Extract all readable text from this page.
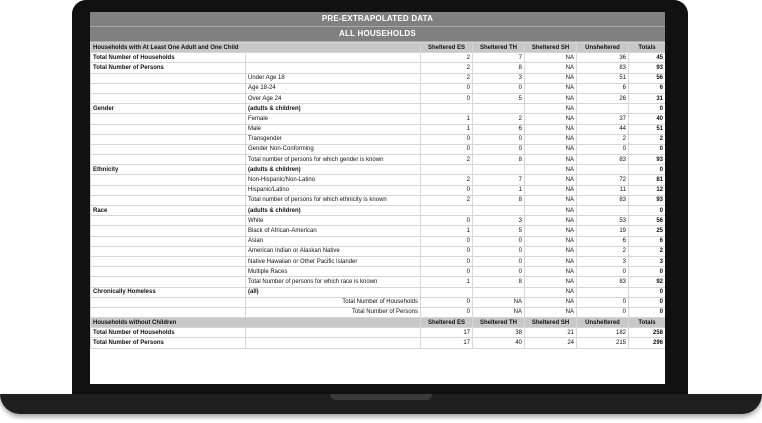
PRE-EXTRAPOLATED DATA
ALL HOUSEHOLDS
Households with At Least One Adult and One Child		Sheltered ES	Sheltered TH	Sheltered SH	Unsheltered	Totals
Total Number of Households		2	7	NA	36	45
Total Number of Persons		2	8	NA	83	93
	Under Age 18	2	3	NA	51	56
	Age 18-24	0	0	NA	6	6
	Over Age 24	0	5	NA	26	31
Gender	(adults & children)			NA		0
	Female	1	2	NA	37	40
	Male	1	6	NA	44	51
	Transgender	0	0	NA	2	2
	Gender Non-Conforming	0	0	NA	0	0
	Total number of persons for which gender is known	2	8	NA	83	93
Ethnicity	(adults & children)			NA		0
	Non-Hispanic/Non-Latino	2	7	NA	72	81
	Hispanic/Latino	0	1	NA	11	12
	Total number of persons for which ethnicity is known	2	8	NA	83	93
Race	(adults & children)			NA		0
	White	0	3	NA	53	56
	Black of African-American	1	5	NA	19	25
	Asian	0	0	NA	6	6
	American Indian or Alaskan Native	0	0	NA	2	2
	Native Hawaiian or Other Pacific Islander	0	0	NA	3	3
	Multiple Races	0	0	NA	0	0
	Total Number of persons for which race is known	1	8	NA	83	92
Chronically Homeless	(all)			NA		0
	Total Number of Households	0	NA	NA	0	0
	Total Number of Persons	0	NA	NA	0	0
Households without Children		Sheltered ES	Sheltered TH	Sheltered SH	Unsheltered	Totals
Total Number of Households		17	38	21	182	258
Total Number of Persons		17	40	24	215	296
